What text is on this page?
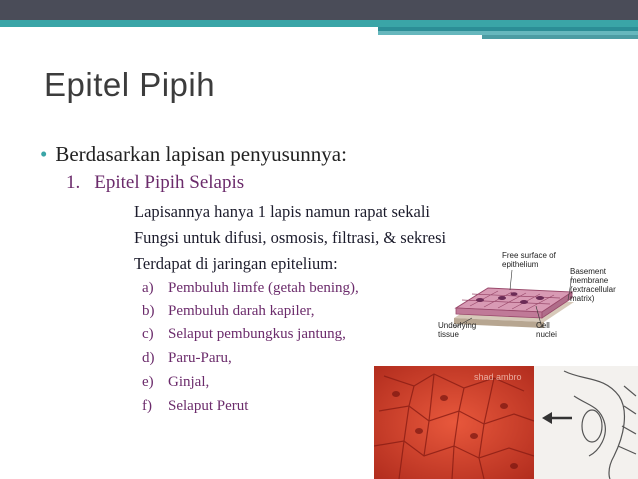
Epitel Pipih
• Berdasarkan lapisan penyusunnya:
1. Epitel Pipih Selapis
Lapisannya hanya 1 lapis namun rapat sekali
Fungsi untuk difusi, osmosis, filtrasi, & sekresi
Terdapat di jaringan epitelium:
a) Pembuluh limfe (getah bening),
b) Pembuluh darah kapiler,
c) Selaput pembungkus jantung,
d) Paru-Paru,
e) Ginjal,
f) Selaput Perut
Free surface of
epithelium
Basement
membrane
(extracellular
matrix)
Underlying
tissue
Cell
nuclei
shad ambro
